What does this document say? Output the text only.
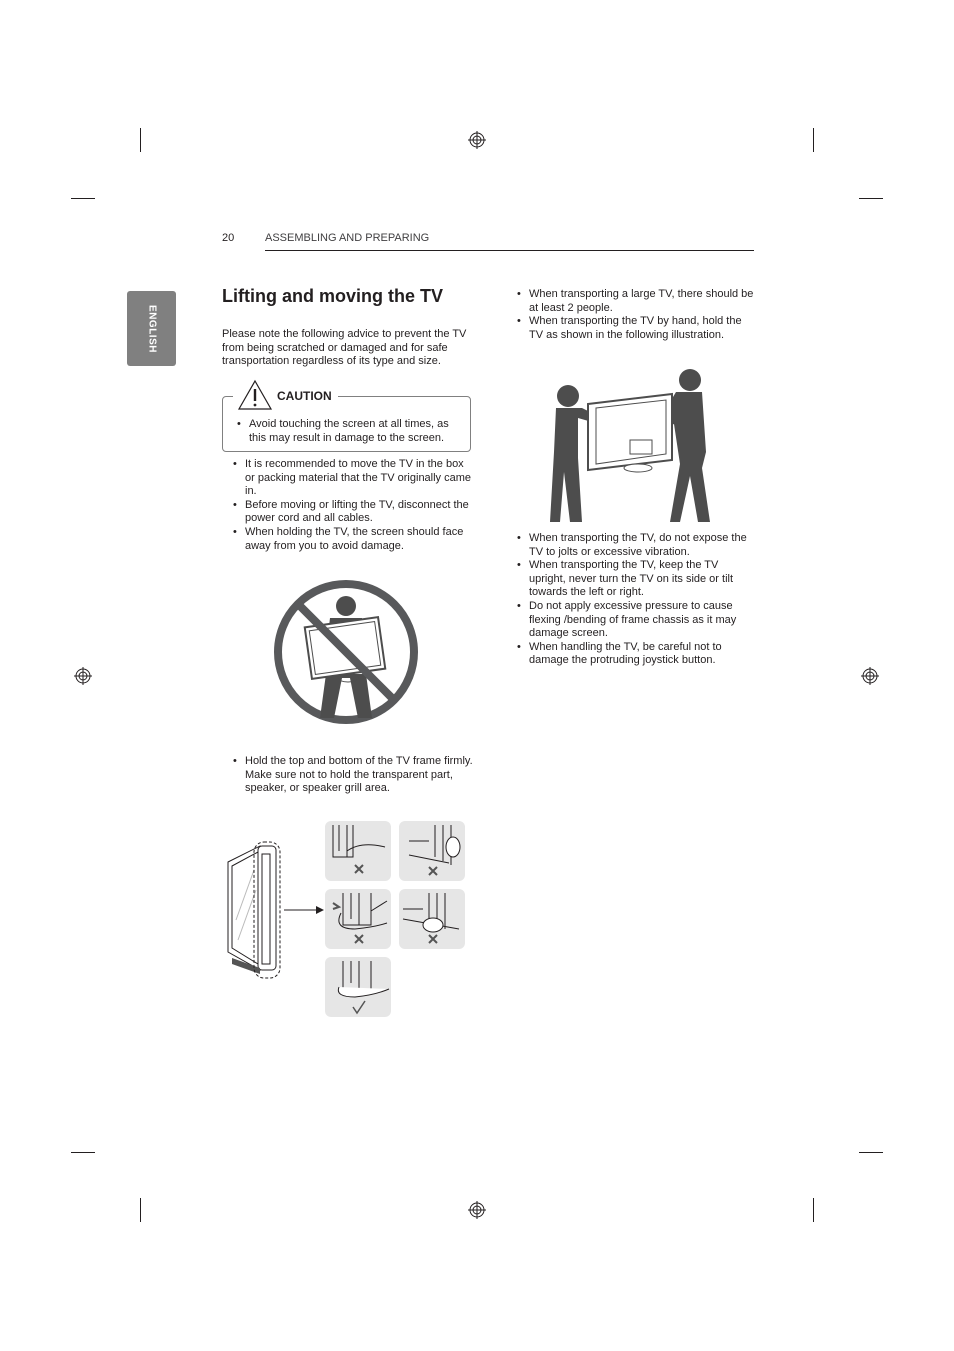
20	ASSEMBLING AND PREPARING
ENGLISH
Lifting and moving the TV
Please note the following advice to prevent the TV from being scratched or damaged and for safe transportation regardless of its type and size.
CAUTION
• Avoid touching the screen at all times, as this may result in damage to the screen.
• It is recommended to move the TV in the box or packing material that the TV originally came in.
• Before moving or lifting the TV, disconnect the power cord and all cables.
• When holding the TV, the screen should face away from you to avoid damage.
• Hold the top and bottom of the TV frame firmly. Make sure not to hold the transparent part, speaker, or speaker grill area.
• When transporting a large TV, there should be at least 2 people.
• When transporting the TV by hand, hold the TV as shown in the following illustration.
• When transporting the TV, do not expose the TV to jolts or excessive vibration.
• When transporting the TV, keep the TV upright, never turn the TV on its side or tilt towards the left or right.
• Do not apply excessive pressure to cause flexing /bending of frame chassis as it may damage screen.
• When handling the TV, be careful not to damage the protruding joystick button.
